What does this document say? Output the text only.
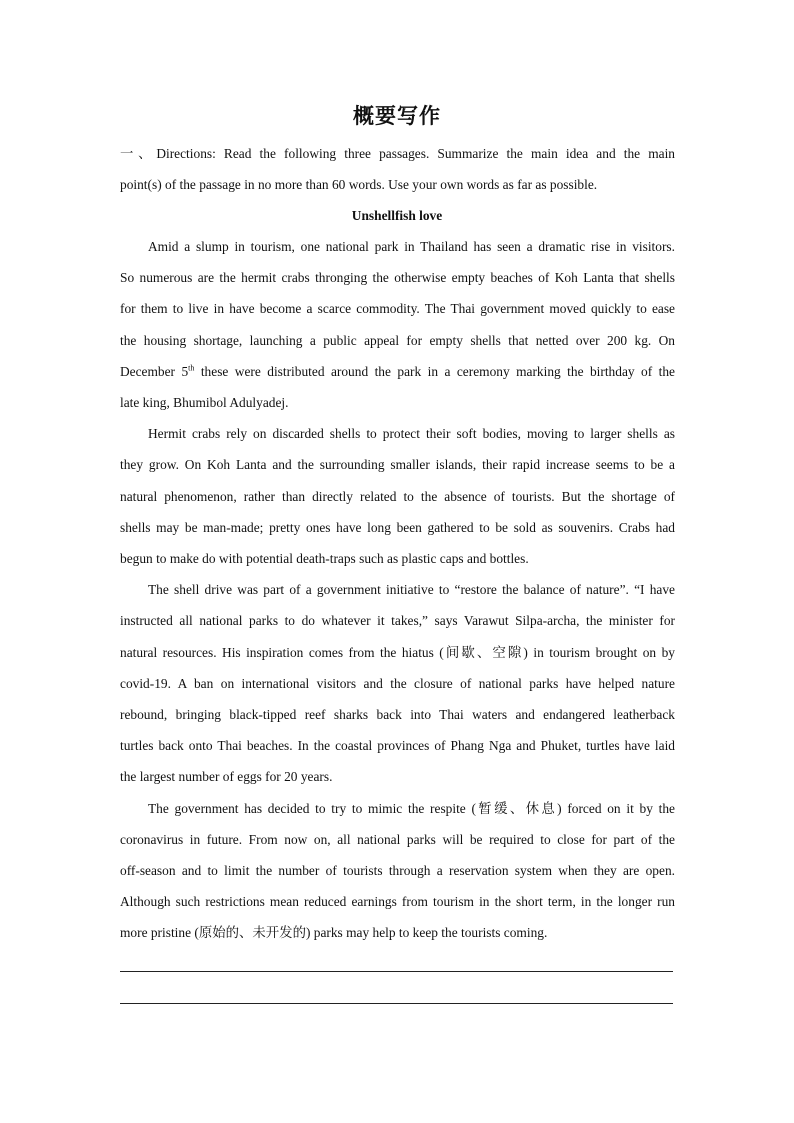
概要写作
一、Directions: Read the following three passages. Summarize the main idea and the main
point(s) of the passage in no more than 60 words. Use your own words as far as possible.
Unshellfish love

Amid a slump in tourism, one national park in Thailand has seen a dramatic rise in visitors.
So numerous are the hermit crabs thronging the otherwise empty beaches of Koh Lanta that shells
for them to live in have become a scarce commodity. The Thai government moved quickly to ease
the housing shortage, launching a public appeal for empty shells that netted over 200 kg. On
December 5th these were distributed around the park in a ceremony marking the birthday of the
late king, Bhumibol Adulyadej.

Hermit crabs rely on discarded shells to protect their soft bodies, moving to larger shells as
they grow. On Koh Lanta and the surrounding smaller islands, their rapid increase seems to be a
natural phenomenon, rather than directly related to the absence of tourists. But the shortage of
shells may be man-made; pretty ones have long been gathered to be sold as souvenirs. Crabs had
begun to make do with potential death-traps such as plastic caps and bottles.

The shell drive was part of a government initiative to “restore the balance of nature”. “I have
instructed all national parks to do whatever it takes,” says Varawut Silpa-archa, the minister for
natural resources. His inspiration comes from the hiatus (间歇、空隙) in tourism brought on by
covid-19. A ban on international visitors and the closure of national parks have helped nature
rebound, bringing black-tipped reef sharks back into Thai waters and endangered leatherback
turtles back onto Thai beaches. In the coastal provinces of Phang Nga and Phuket, turtles have laid
the largest number of eggs for 20 years.

The government has decided to try to mimic the respite (暂缓、休息) forced on it by the
coronavirus in future. From now on, all national parks will be required to close for part of the
off-season and to limit the number of tourists through a reservation system when they are open.
Although such restrictions mean reduced earnings from tourism in the short term, in the longer run
more pristine (原始的、未开发的) parks may help to keep the tourists coming.
